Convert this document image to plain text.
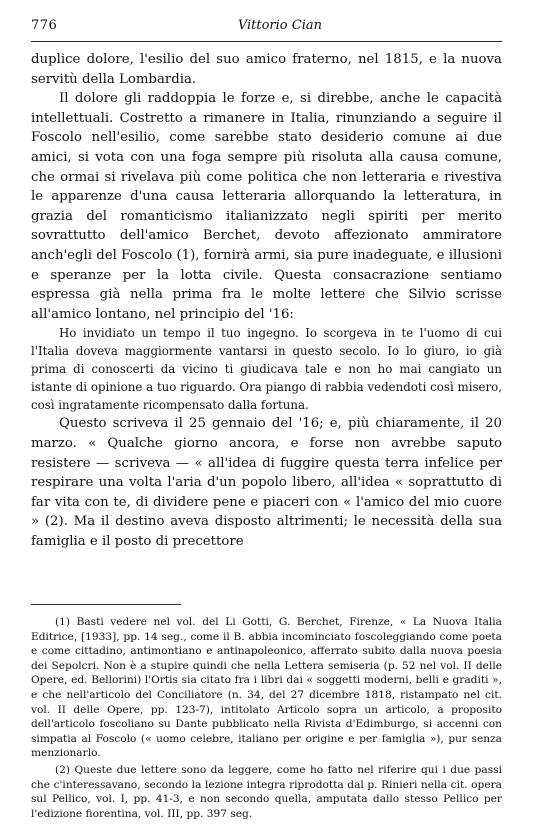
776	Vittorio Cian

duplice dolore, l'esilio del suo amico fraterno, nel 1815, e la nuova servitù della Lombardia.

Il dolore gli raddoppia le forze e, si direbbe, anche le capacità intellettuali. Costretto a rimanere in Italia, rinunziando a seguire il Foscolo nell'esilio, come sarebbe stato desiderio comune ai due amici, si vota con una foga sempre più risoluta alla causa comune, che ormai si rivelava più come politica che non letteraria e rivestiva le apparenze d'una causa letteraria allorquando la letteratura, in grazia del romanticismo italianizzato negli spiriti per merito sovrattutto dell'amico Berchet, devoto affezionato ammiratore anch'egli del Foscolo (1), fornirà armi, sia pure inadeguate, e illusioni e speranze per la lotta civile. Questa consacrazione sentiamo espressa già nella prima fra le molte lettere che Silvio scrisse all'amico lontano, nel principio del '16:

Ho invidiato un tempo il tuo ingegno. Io scorgeva in te l'uomo di cui l'Italia doveva maggiormente vantarsi in questo secolo. Io lo giuro, io già prima di conoscerti da vicino ti giudicava tale e non ho mai cangiato un istante di opinione a tuo riguardo. Ora piango di rabbia vedendoti così misero, così ingratamente ricompensato dalla fortuna.

Questo scriveva il 25 gennaio del '16; e, più chiaramente, il 20 marzo. « Qualche giorno ancora, e forse non avrebbe saputo resistere — scriveva — « all'idea di fuggire questa terra infelice per respirare una volta l'aria d'un popolo libero, all'idea « soprattutto di far vita con te, di dividere pene e piaceri con « l'amico del mio cuore » (2). Ma il destino aveva disposto altrimenti; le necessità della sua famiglia e il posto di precettore

(1) Basti vedere nel vol. del Li Gotti, G. Berchet, Firenze, « La Nuova Italia Editrice, [1933], pp. 14 seg., come il B. abbia incominciato foscoleggiando come poeta e come cittadino, antimontiano e antinapoleonico, afferrato subito dalla nuova poesia dei Sepolcri. Non è a stupire quindi che nella Lettera semiseria (p. 52 nel vol. II delle Opere, ed. Bellorini) l'Ortis sia citato fra i libri dai « soggetti moderni, belli e graditi », e che nell'articolo del Conciliatore (n. 34, del 27 dicembre 1818, ristampato nel cit. vol. II delle Opere, pp. 123-7), intitolato Articolo sopra un articolo, a proposito dell'articolo foscoliano su Dante pubblicato nella Rivista d'Edimburgo, si accenni con simpatia al Foscolo (« uomo celebre, italiano per origine e per famiglia »), pur senza menzionarlo.

(2) Queste due lettere sono da leggere, come ho fatto nel riferire qui i due passi che c'interessavano, secondo la lezione integra riprodotta dal p. Rinieri nella cit. opera sul Pellico, vol. I, pp. 41-3, e non secondo quella, amputata dallo stesso Pellico per l'edizione fiorentina, vol. III, pp. 397 seg.
